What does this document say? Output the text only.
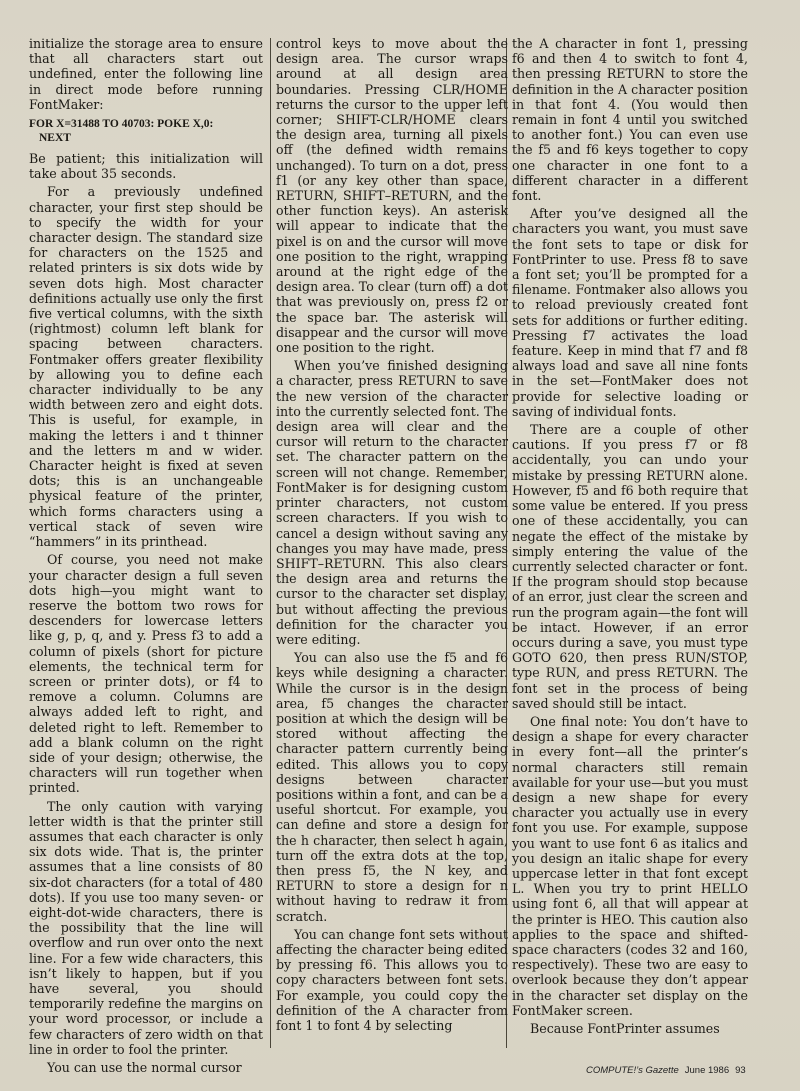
initialize the storage area to ensure that all characters start out undefined, enter the following line in direct mode before running FontMaker:

FOR X=31488 TO 40703: POKE X,0:
NEXT

Be patient; this initialization will take about 35 seconds.

For a previously undefined character, your first step should be to specify the width for your character design. The standard size for characters on the 1525 and related printers is six dots wide by seven dots high. Most character definitions actually use only the first five vertical columns, with the sixth (rightmost) column left blank for spacing between characters. Fontmaker offers greater flexibility by allowing you to define each character individually to be any width between zero and eight dots. This is useful, for example, in making the letters i and t thinner and the letters m and w wider. Character height is fixed at seven dots; this is an unchangeable physical feature of the printer, which forms characters using a vertical stack of seven wire “hammers” in its printhead.

Of course, you need not make your character design a full seven dots high—you might want to reserve the bottom two rows for descenders for lowercase letters like g, p, q, and y. Press f3 to add a column of pixels (short for picture elements, the technical term for screen or printer dots), or f4 to remove a column. Columns are always added left to right, and deleted right to left. Remember to add a blank column on the right side of your design; otherwise, the characters will run together when printed.

The only caution with varying letter width is that the printer still assumes that each character is only six dots wide. That is, the printer assumes that a line consists of 80 six-dot characters (for a total of 480 dots). If you use too many seven- or eight-dot-wide characters, there is the possibility that the line will overflow and run over onto the next line. For a few wide characters, this isn’t likely to happen, but if you have several, you should temporarily redefine the margins on your word processor, or include a few characters of zero width on that line in order to fool the printer.

You can use the normal cursor

control keys to move about the design area. The cursor wraps around at all design area boundaries. Pressing CLR/HOME returns the cursor to the upper left corner; SHIFT-CLR/HOME clears the design area, turning all pixels off (the defined width remains unchanged). To turn on a dot, press f1 (or any key other than space, RETURN, SHIFT–RETURN, and the other function keys). An asterisk will appear to indicate that the pixel is on and the cursor will move one position to the right, wrapping around at the right edge of the design area. To clear (turn off) a dot that was previously on, press f2 or the space bar. The asterisk will disappear and the cursor will move one position to the right.

When you’ve finished designing a character, press RETURN to save the new version of the character into the currently selected font. The design area will clear and the cursor will return to the character set. The character pattern on the screen will not change. Remember, FontMaker is for designing custom printer characters, not custom screen characters. If you wish to cancel a design without saving any changes you may have made, press SHIFT–RETURN. This also clears the design area and returns the cursor to the character set display, but without affecting the previous definition for the character you were editing.

You can also use the f5 and f6 keys while designing a character. While the cursor is in the design area, f5 changes the character position at which the design will be stored without affecting the character pattern currently being edited. This allows you to copy designs between character positions within a font, and can be a useful shortcut. For example, you can define and store a design for the h character, then select h again, turn off the extra dots at the top, then press f5, the N key, and RETURN to store a design for n without having to redraw it from scratch.

You can change font sets without affecting the character being edited by pressing f6. This allows you to copy characters between font sets. For example, you could copy the definition of the A character from font 1 to font 4 by selecting

the A character in font 1, pressing f6 and then 4 to switch to font 4, then pressing RETURN to store the definition in the A character position in that font 4. (You would then remain in font 4 until you switched to another font.) You can even use the f5 and f6 keys together to copy one character in one font to a different character in a different font.

After you’ve designed all the characters you want, you must save the font sets to tape or disk for FontPrinter to use. Press f8 to save a font set; you’ll be prompted for a filename. Fontmaker also allows you to reload previously created font sets for additions or further editing. Pressing f7 activates the load feature. Keep in mind that f7 and f8 always load and save all nine fonts in the set—FontMaker does not provide for selective loading or saving of individual fonts.

There are a couple of other cautions. If you press f7 or f8 accidentally, you can undo your mistake by pressing RETURN alone. However, f5 and f6 both require that some value be entered. If you press one of these accidentally, you can negate the effect of the mistake by simply entering the value of the currently selected character or font. If the program should stop because of an error, just clear the screen and run the program again—the font will be intact. However, if an error occurs during a save, you must type GOTO 620, then press RUN/STOP, type RUN, and press RETURN. The font set in the process of being saved should still be intact.

One final note: You don’t have to design a shape for every character in every font—all the printer’s normal characters still remain available for your use—but you must design a new shape for every character you actually use in every font you use. For example, suppose you want to use font 6 as italics and you design an italic shape for every uppercase letter in that font except L. When you try to print HELLO using font 6, all that will appear at the printer is HEO. This caution also applies to the space and shifted-space characters (codes 32 and 160, respectively). These two are easy to overlook because they don’t appear in the character set display on the FontMaker screen.

Because FontPrinter assumes

COMPUTE!’s Gazette June 1986 93
